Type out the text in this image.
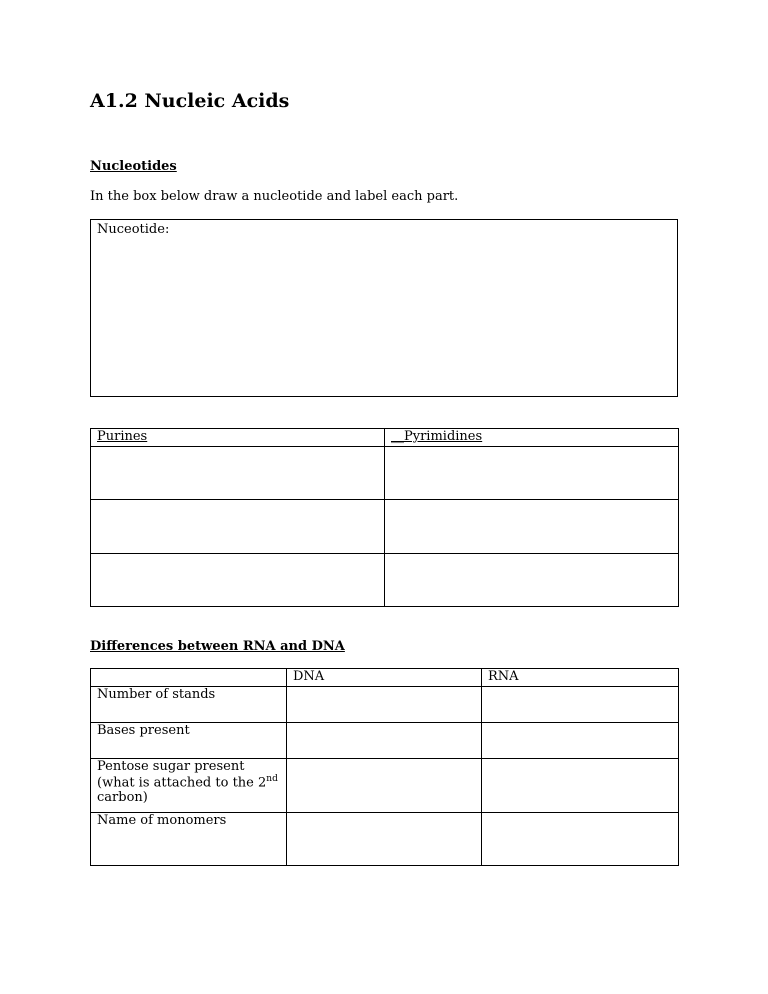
A1.2 Nucleic Acids
Nucleotides
In the box below draw a nucleotide and label each part.
Nuceotide:
Purines	__Pyrimidines

Differences between RNA and DNA
	DNA	RNA
Number of stands		
Bases present		
Pentose sugar present (what is attached to the 2nd carbon)		
Name of monomers		
